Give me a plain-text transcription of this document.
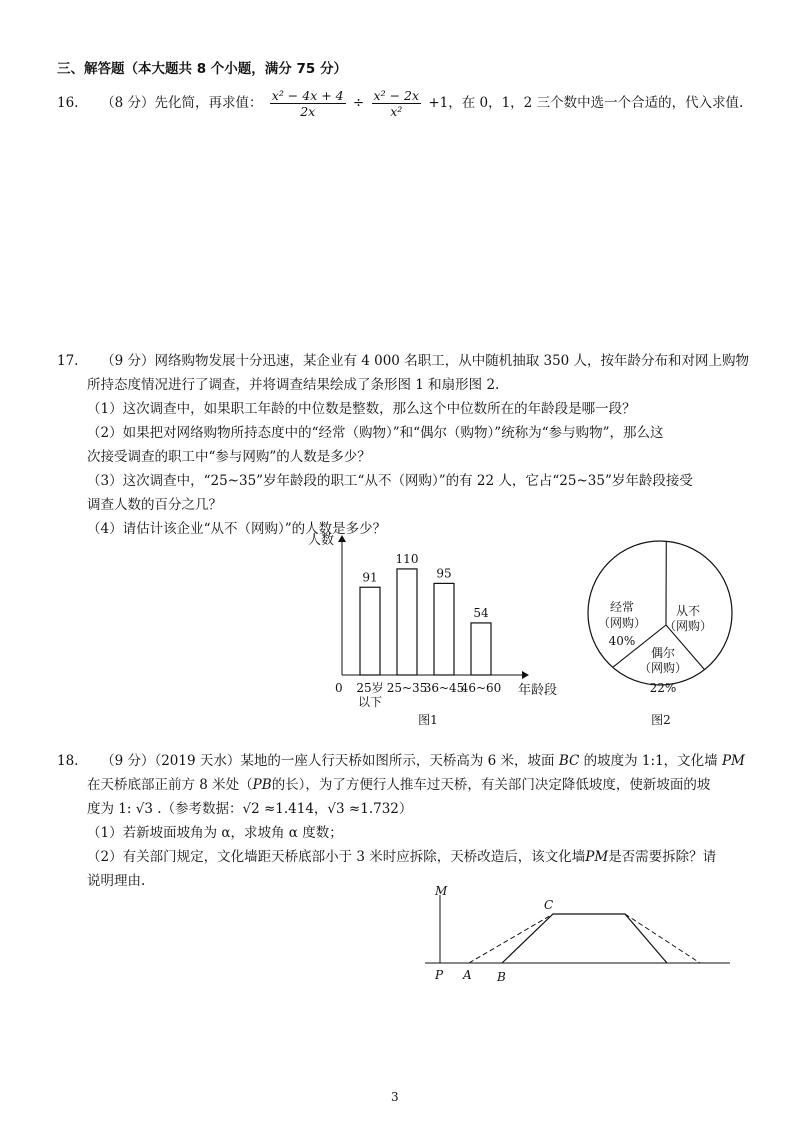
三、解答题（本大题共 8 个小题，满分 75 分）
16. （8 分）先化简，再求值： $\frac{\text{x² − 4x + 4}}{2x} \div \frac{\text{x² − 2x}}{\text{x²}} +1$，在 0，1，2 三个数中选一个合适的，代入求值.
17. （9 分）网络购物发展十分迅速，某企业有 4 000 名职工，从中随机抽取 350 人，按年龄分布和对网上购物
所持态度情况进行了调查，并将调查结果绘成了条形图 1 和扇形图 2.
（1）这次调查中，如果职工年龄的中位数是整数，那么这个中位数所在的年龄段是哪一段？
（2）如果把对网络购物所持态度中的“经常（购物）”和“偶尔（购物）”统称为“参与购物”，那么这
次接受调查的职工中“参与网购”的人数是多少？
（3）这次调查中，“25~35”岁年龄段的职工“从不（网购）”的有 22 人，它占“25~35”岁年龄段接受
调查人数的百分之几？
（4）请估计该企业“从不（网购）”的人数是多少？
人数
年龄段
0
91
25岁
以下
110
25~35
95
36~45
54
46~60
图1
经常
（网购）
40%
从不
（网购）
偶尔
（网购）
22%
图2
18. （9 分）（2019 天水）某地的一座人行天桥如图所示，天桥高为 6 米，坡面 BC 的坡度为 1:1，文化墙 PM
在天桥底部正前方 8 米处（PB的长），为了方便行人推车过天桥，有关部门决定降低坡度，使新坡面的坡
度为 1: √3 .（参考数据：√2 ≈1.414，√3 ≈1.732）
（1）若新坡面坡角为 α，求坡角 α 度数；
（2）有关部门规定，文化墙距天桥底部小于 3 米时应拆除，天桥改造后，该文化墙PM是否需要拆除？请
说明理由.
M
C
P A B
3
